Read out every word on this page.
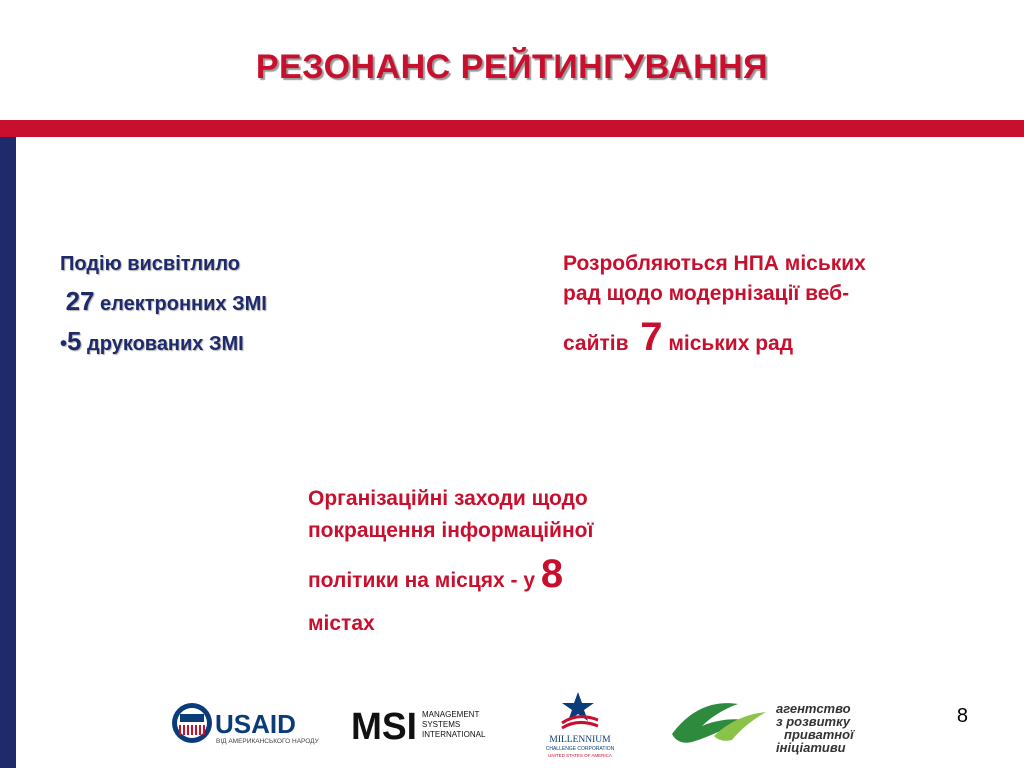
РЕЗОНАНС РЕЙТИНГУВАННЯ
Подію висвітлило
27 електронних ЗМІ
•5 друкованих ЗМІ
Розробляються НПА міських
рад щодо модернізації веб-
сайтів 7 міських рад
Організаційні заходи щодо
покращення інформаційної
політики на місцях - у 8
містах
USAID
ВІД АМЕРИКАНСЬКОГО НАРОДУ MSI MANAGEMENT
SYSTEMS
INTERNATIONAL
MILLENNIUM
CHALLENGE CORPORATION
UNITED STATES OF AMERICA
агентство
з розвитку
приватної
ініціативи
8
